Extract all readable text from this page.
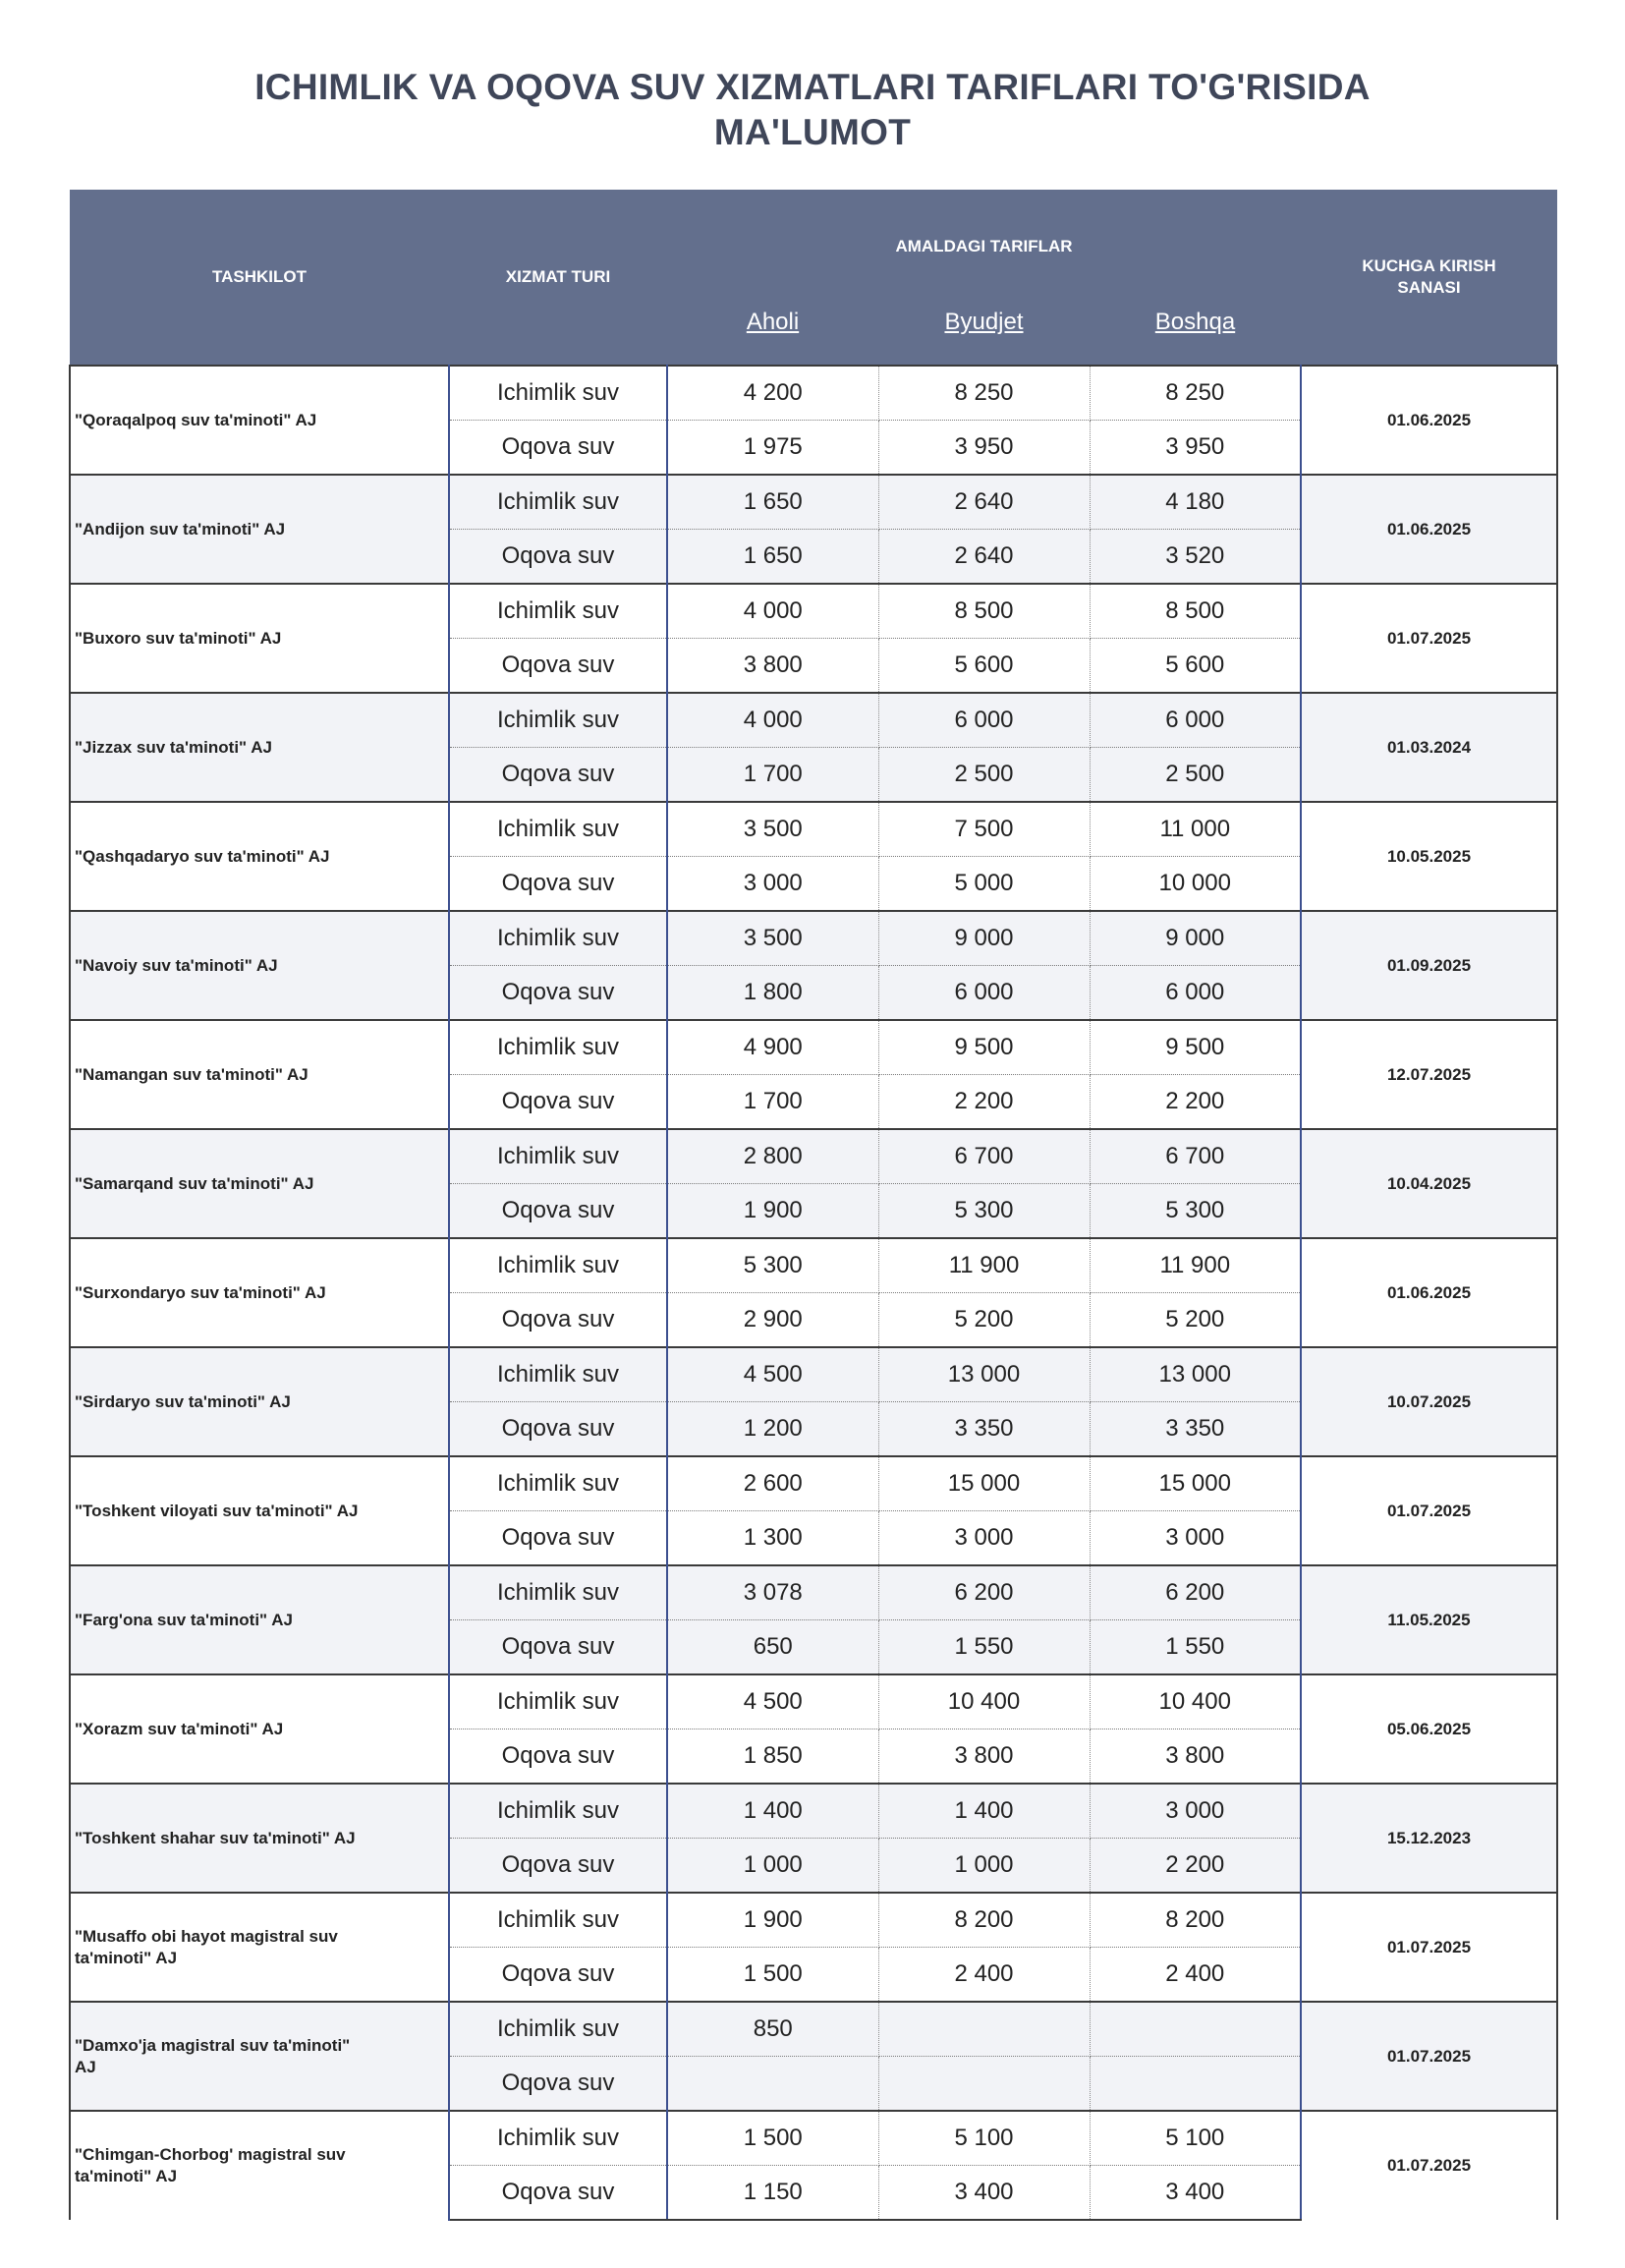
ICHIMLIK VA OQOVA SUV XIZMATLARI TARIFLARI TO'G'RISIDA
MA'LUMOT
TASHKILOT	XIZMAT TURI	AMALDAGI TARIFLAR			KUCHGA KIRISH SANASI
		Aholi	Byudjet	Boshqa	
"Qoraqalpoq suv ta'minoti" AJ	Ichimlik suv	4 200	8 250	8 250	01.06.2025
	Oqova suv	1 975	3 950	3 950	
"Andijon suv ta'minoti" AJ	Ichimlik suv	1 650	2 640	4 180	01.06.2025
	Oqova suv	1 650	2 640	3 520	
"Buxoro suv ta'minoti" AJ	Ichimlik suv	4 000	8 500	8 500	01.07.2025
	Oqova suv	3 800	5 600	5 600	
"Jizzax suv ta'minoti" AJ	Ichimlik suv	4 000	6 000	6 000	01.03.2024
	Oqova suv	1 700	2 500	2 500	
"Qashqadaryo suv ta'minoti" AJ	Ichimlik suv	3 500	7 500	11 000	10.05.2025
	Oqova suv	3 000	5 000	10 000	
"Navoiy suv ta'minoti" AJ	Ichimlik suv	3 500	9 000	9 000	01.09.2025
	Oqova suv	1 800	6 000	6 000	
"Namangan suv ta'minoti" AJ	Ichimlik suv	4 900	9 500	9 500	12.07.2025
	Oqova suv	1 700	2 200	2 200	
"Samarqand suv ta'minoti" AJ	Ichimlik suv	2 800	6 700	6 700	10.04.2025
	Oqova suv	1 900	5 300	5 300	
"Surxondaryo suv ta'minoti" AJ	Ichimlik suv	5 300	11 900	11 900	01.06.2025
	Oqova suv	2 900	5 200	5 200	
"Sirdaryo suv ta'minoti" AJ	Ichimlik suv	4 500	13 000	13 000	10.07.2025
	Oqova suv	1 200	3 350	3 350	
"Toshkent viloyati suv ta'minoti" AJ	Ichimlik suv	2 600	15 000	15 000	01.07.2025
	Oqova suv	1 300	3 000	3 000	
"Farg'ona suv ta'minoti" AJ	Ichimlik suv	3 078	6 200	6 200	11.05.2025
	Oqova suv	650	1 550	1 550	
"Xorazm suv ta'minoti" AJ	Ichimlik suv	4 500	10 400	10 400	05.06.2025
	Oqova suv	1 850	3 800	3 800	
"Toshkent shahar suv ta'minoti" AJ	Ichimlik suv	1 400	1 400	3 000	15.12.2023
	Oqova suv	1 000	1 000	2 200	
"Musaffo obi hayot magistral suv ta'minoti" AJ	Ichimlik suv	1 900	8 200	8 200	01.07.2025
	Oqova suv	1 500	2 400	2 400	
"Damxo'ja magistral suv ta'minoti" AJ	Ichimlik suv	850			01.07.2025
	Oqova suv				
"Chimgan-Chorbog' magistral suv ta'minoti" AJ	Ichimlik suv	1 500	5 100	5 100	01.07.2025
	Oqova suv	1 150	3 400	3 400	
